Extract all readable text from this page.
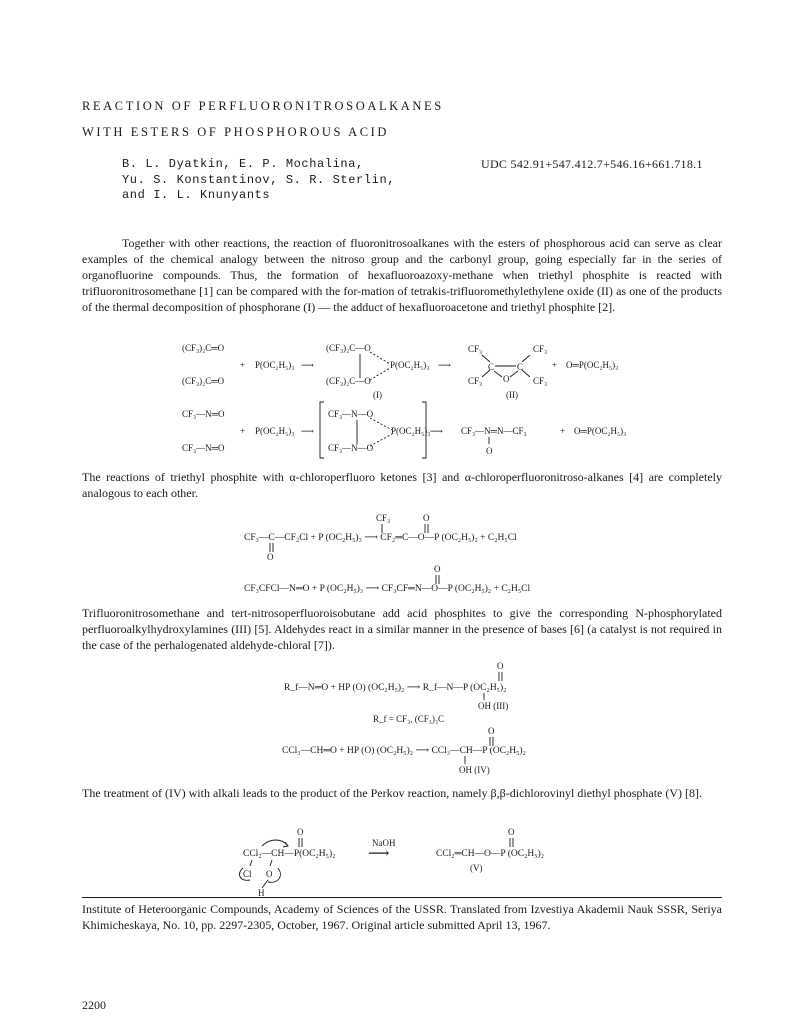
REACTION OF PERFLUORONITROSOALKANES

WITH ESTERS OF PHOSPHOROUS ACID

B. L. Dyatkin, E. P. Mochalina,
Yu. S. Konstantinov, S. R. Sterlin,
and I. L. Knunyants

UDC 542.91+547.412.7+546.16+661.718.1

Together with other reactions, the reaction of fluoronitrosoalkanes with the esters of phosphorous acid can serve as clear examples of the chemical analogy between the nitroso group and the carbonyl group, going especially far in the series of organofluorine compounds. Thus, the formation of hexafluoroazoxy-methane when triethyl phosphite is reacted with trifluoronitrosomethane [1] can be compared with the for-mation of tetrakis-trifluoromethylethylene oxide (II) as one of the products of the thermal decomposition of phosphorane (I) — the adduct of hexafluoroacetone and triethyl phosphite [2].

(CF₃)₂C═O
(CF₃)₂C═O
+ P(OC₂H₅)₃ ⟶
(CF₃)₂C—O
(CF₃)₂C—O
P(OC₂H₅)₃
(I)
⟶
CF₃	CF₃
CF₃	CF₃
C	C
O
(II)
+ O═P(OC₂H₅)₃
CF₃—N═O
CF₃—N═O
+ P(OC₂H₅)₃ ⟶
CF₃—N—O
CF₃—N—O
P(OC₂H₅)₃ ⟶ CF₃—N═N—CF₃
O
+ O═P(OC₂H₅)₃

The reactions of triethyl phosphite with α-chloroperfluoro ketones [3] and α-chloroperfluoronitroso-alkanes [4] are completely analogous to each other.

CF₃	O
CF₃—C—CF₂Cl + P (OC₂H₅)₃ ⟶ CF₂═C—O—P (OC₂H₅)₂ + C₂H₅Cl
O
O
CF₃CFCl—N═O + P (OC₂H₅)₃ ⟶ CF₃CF═N—O—P (OC₂H₅)₂ + C₂H₅Cl

Trifluoronitrosomethane and tert-nitrosoperfluoroisobutane add acid phosphites to give the corresponding N-phosphorylated perfluoroalkylhydroxylamines (III) [5]. Aldehydes react in a similar manner in the presence of bases [6] (a catalyst is not required in the case of the perhalogenated aldehyde-chloral [7]).

O
R_f—N═O + HP (O) (OC₂H₅)₂ ⟶ R_f—N—P (OC₂H₅)₂
OH (III)
R_f = CF₃, (CF₃)₃C
O
CCl₃—CH═O + HP (O) (OC₂H₅)₂ ⟶ CCl₃—CH—P (OC₂H₅)₂
OH (IV)

The treatment of (IV) with alkali leads to the product of the Perkov reaction, namely β,β-dichlorovinyl diethyl phosphate (V) [8].

O
CCl₂—CH—P(OC₂H₅)₂
Cl O
H
NaOH
⟶
O
CCl₂═CH—O—P (OC₂H₅)₂
(V)

Institute of Heteroorganic Compounds, Academy of Sciences of the USSR. Translated from Izvestiya Akademii Nauk SSSR, Seriya Khimicheskaya, No. 10, pp. 2297-2305, October, 1967. Original article submitted April 13, 1967.

2200
